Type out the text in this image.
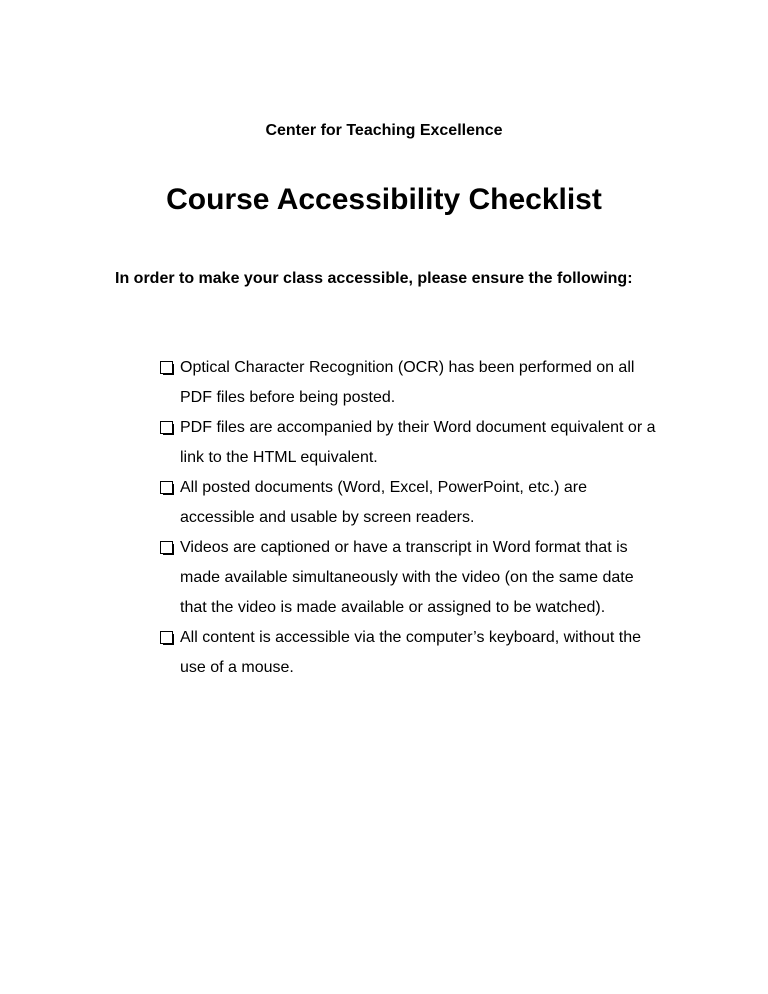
Center for Teaching Excellence
Course Accessibility Checklist
In order to make your class accessible, please ensure the following:
Optical Character Recognition (OCR) has been performed on all PDF files before being posted.
PDF files are accompanied by their Word document equivalent or a link to the HTML equivalent.
All posted documents (Word, Excel, PowerPoint, etc.) are accessible and usable by screen readers.
Videos are captioned or have a transcript in Word format that is made available simultaneously with the video (on the same date that the video is made available or assigned to be watched).
All content is accessible via the computer’s keyboard, without the use of a mouse.
